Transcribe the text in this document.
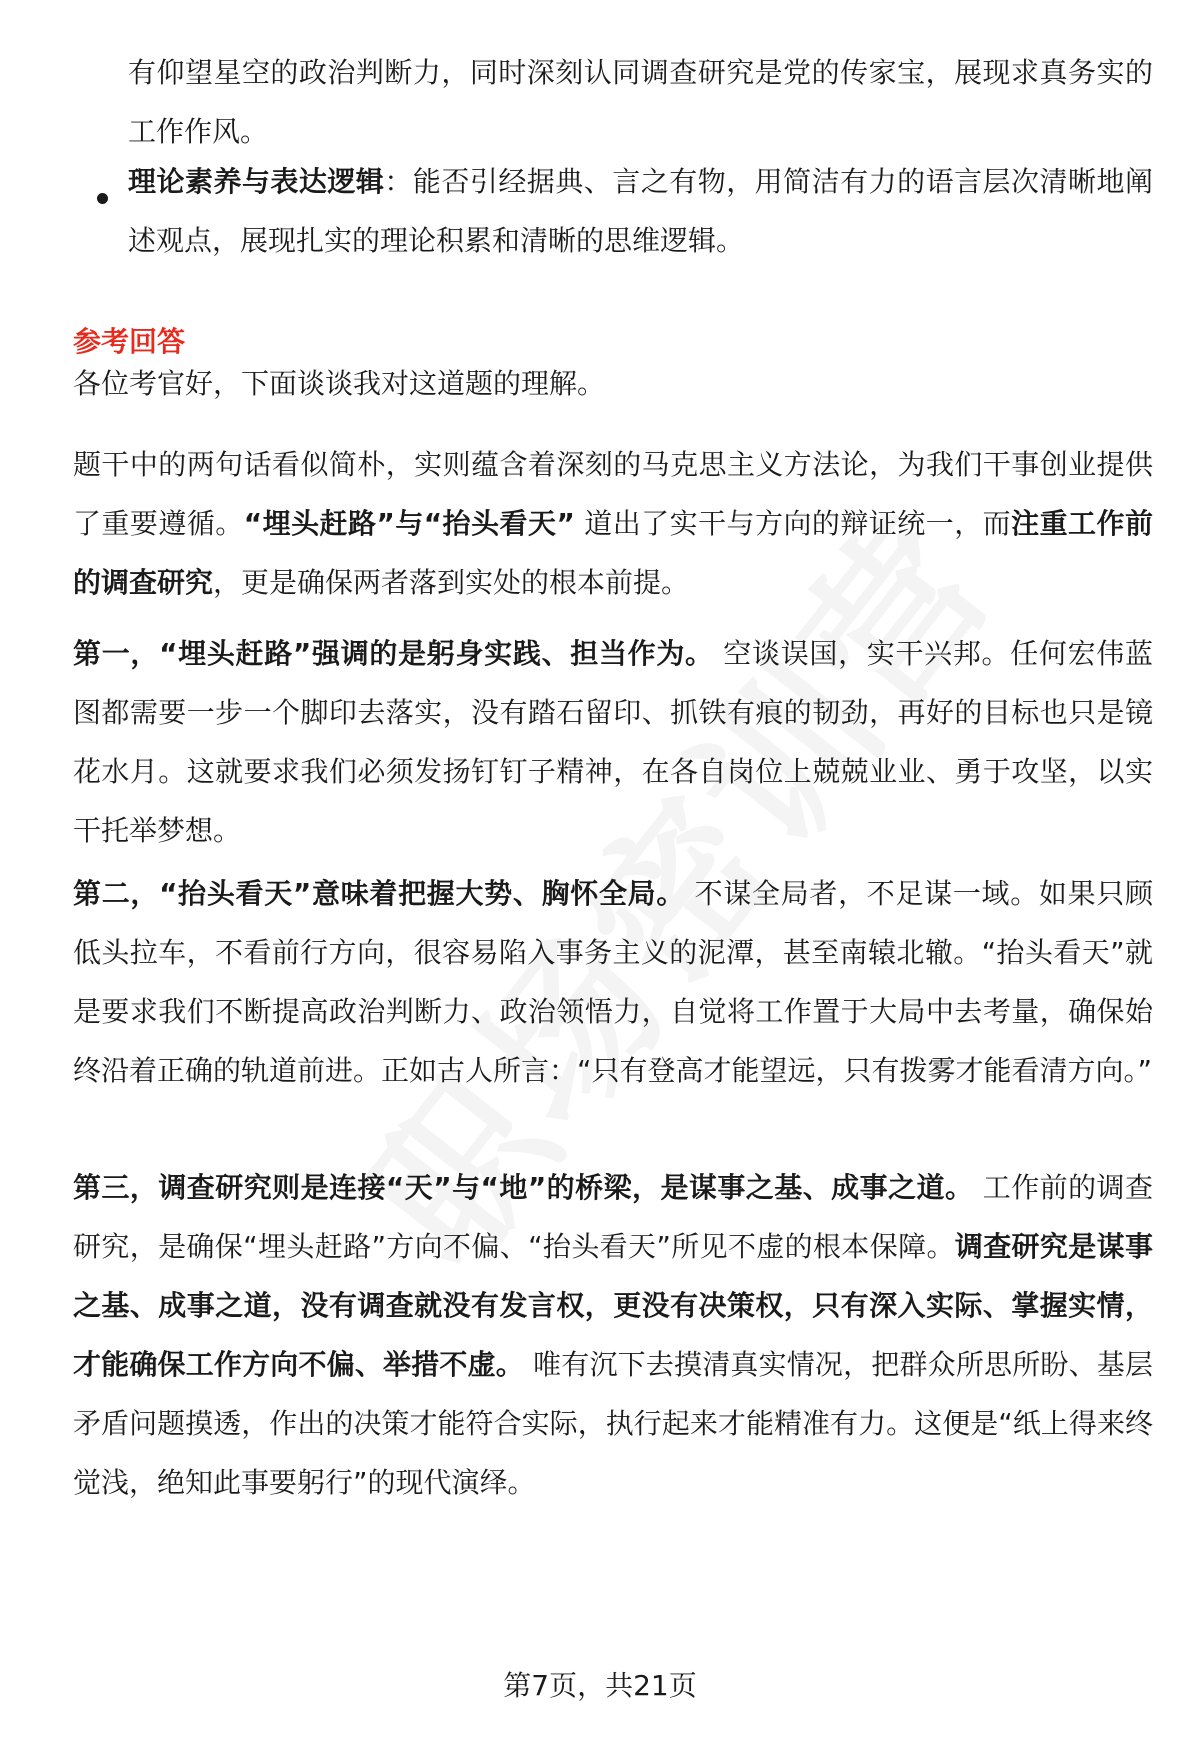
有仰望星空的政治判断力，同时深刻认同调查研究是党的传家宝，展现求真务实的工作作风。

理论素养与表达逻辑：能否引经据典、言之有物，用简洁有力的语言层次清晰地阐述观点，展现扎实的理论积累和清晰的思维逻辑。

参考回答

各位考官好，下面谈谈我对这道题的理解。

题干中的两句话看似简朴，实则蕴含着深刻的马克思主义方法论，为我们干事创业提供了重要遵循。“埋头赶路”与“抬头看天” 道出了实干与方向的辩证统一，而注重工作前的调查研究，更是确保两者落到实处的根本前提。

第一，“埋头赶路”强调的是躬身实践、担当作为。 空谈误国，实干兴邦。任何宏伟蓝图都需要一步一个脚印去落实，没有踏石留印、抓铁有痕的韧劲，再好的目标也只是镜花水月。这就要求我们必须发扬钉钉子精神，在各自岗位上兢兢业业、勇于攻坚，以实干托举梦想。

第二，“抬头看天”意味着把握大势、胸怀全局。 不谋全局者，不足谋一域。如果只顾低头拉车，不看前行方向，很容易陷入事务主义的泥潭，甚至南辕北辙。“抬头看天”就是要求我们不断提高政治判断力、政治领悟力，自觉将工作置于大局中去考量，确保始终沿着正确的轨道前进。正如古人所言：“只有登高才能望远，只有拨雾才能看清方向。”

第三，调查研究则是连接“天”与“地”的桥梁，是谋事之基、成事之道。 工作前的调查研究，是确保“埋头赶路”方向不偏、“抬头看天”所见不虚的根本保障。调查研究是谋事之基、成事之道，没有调查就没有发言权，更没有决策权，只有深入实际、掌握实情，才能确保工作方向不偏、举措不虚。 唯有沉下去摸清真实情况，把群众所思所盼、基层矛盾问题摸透，作出的决策才能符合实际，执行起来才能精准有力。这便是“纸上得来终觉浅，绝知此事要躬行”的现代演绎。

第7页，共21页
